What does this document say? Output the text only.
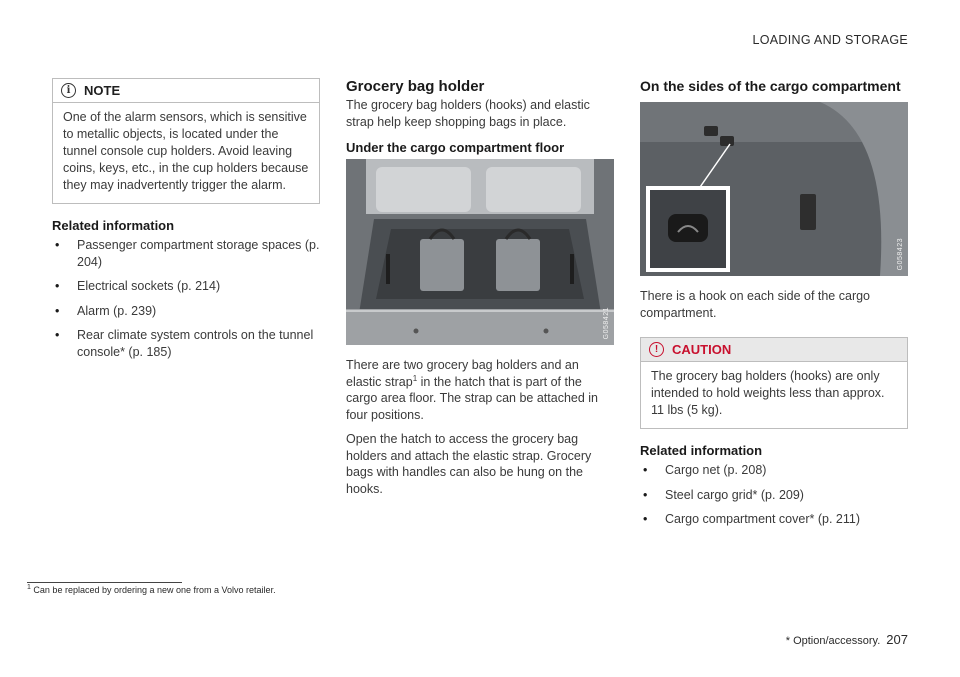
LOADING AND STORAGE
i	NOTE
One of the alarm sensors, which is sensitive to metallic objects, is located under the tunnel console cup holders. Avoid leaving coins, keys, etc., in the cup holders because they may inadvertently trigger the alarm.
Related information
• Passenger compartment storage spaces (p. 204)
• Electrical sockets (p. 214)
• Alarm (p. 239)
• Rear climate system controls on the tunnel console* (p. 185)
Grocery bag holder

The grocery bag holders (hooks) and elastic strap help keep shopping bags in place.

Under the cargo compartment floor
G058421

There are two grocery bag holders and an elastic strap$^1$ in the hatch that is part of the cargo area floor. The strap can be attached in four positions.

Open the hatch to access the grocery bag holders and attach the elastic strap. Grocery bags with handles can also be hung on the hooks.

On the sides of the cargo compartment
G058423

There is a hook on each side of the cargo compartment.

!	CAUTION
The grocery bag holders (hooks) are only intended to hold weights less than approx. 11 lbs (5 kg).
Related information
• Cargo net (p. 208)
• Steel cargo grid* (p. 209)
• Cargo compartment cover* (p. 211)
$^1$ Can be replaced by ordering a new one from a Volvo retailer.
* Option/accessory. 207
